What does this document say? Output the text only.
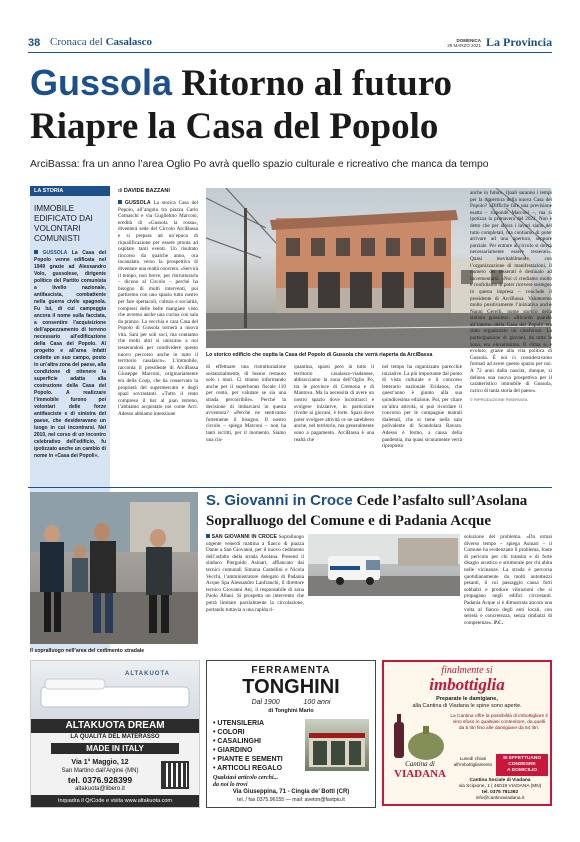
38 Cronaca del Casalasco	DOMENICA
28 MARZO 2021 La Provincia
Gussola Ritorno al futuro
Riapre la Casa del Popolo
ArciBassa: fra un anno l’area Oglio Po avrà quello spazio culturale e ricreativo che manca da tempo
LA STORIA
IMMOBILE EDIFICATO DAI VOLONTARI COMUNISTI
GUSSOLA La Casa del Popolo venne edificata nel 1949 grazie ad Alessandro Volo, gussolese, dirigente politico del Partito comunista a livello nazionale, antifascista, combattente nella guerra civile spagnola. Fu lui, di cui campeggia ancora il nome sulla facciata, a consentire l’acquisizione dell’appezzamento di terreno necessario all’edificazione della Casa del Popolo. Al progetto e all’area infatti cedette un suo campo, posto in un’altra zona del paese, alla condizione di ottenere la superficie adatta alla costruzione della Casa del Popolo. A realizzare l’immobile furono poi volontari delle forze antifasciste e di sinistra del paese, che desideravano un luogo in cui incontrarsi. Nel 2010, nel corso di un incontro celebrativo dell’edificio, fu ipotizzato anche un cambio di nome in «Casa dei Popoli».
di DAVIDE BAZZANI
GUSSOLA La storica Casa del Popolo, all’angolo tra piazza Carlo Comaschi e via Guglielmo Marconi, eredità di «Gussola la rossa», diventerà sede del Circolo ArciBassa e si prepara ad un’epoca di riqualificazione per essere pronta ad ospitare tanti eventi. Un risultato rincorso da qualche anno, ora incanalato verso la prospettiva di diventare una realtà concreta. «Servirà il tempo, non breve, per ristrutturarla – dicono al Circolo – perché ha bisogno di molti interventi, poi partiremo con uno spazio tutto nostro per fare spettacoli, cultura e socialità, compresi delle belle mangiate visto che avremo anche una cucina con sala da pranzo. La vecchia e cara Casa del Popolo di Gussola tornerà a nuova vita. Sarà per soli soci, ma contiamo che molti altri si uniscano a noi tesserandosi per condividere questo nuovo percorso anche in tutto il territorio casalasco». L’immobile, racconta il presidente di ArciBassa Giuseppe Marconi, originariamente era della Coop, che ha conservato la proprietà del supermercato e degli spazi sovrastanti. «Tutto il resto compreso il bar al pian terreno, l’abbiamo acquistato noi come Arci. Adesso abbiamo intenzione
Lo storico edificio che ospita la Casa del Popolo di Gussola che verrà riaperta da ArciBassa
di effettuare una ristrutturazione sostanzialmente, di buono restauro solo i muri. Ci stiamo informando anche per il superbonus fiscale 110 per cento, per valutare se sia una strada percorribile». Perché la decisione di imbarcarsi in questa avventura? «Perché ne sentivamo fortemente il bisogno. Il nostro circolo – spiega Marconi – non ha tanti iscritti, per il momento. Siamo una cin-
quantina, sparsi però in tutto il territorio casalasco-viadanese, abbracciamo la zona dell’Oglio Po, tra le province di Cremona e di Mantova. Ma la necessità di avere un nostro spazio dove incontrarci e svolgere iniziative, in particolare rivolte ai giovani, è forte. Spazi dove poter svolgere attività ce ne sarebbero anche, nel territorio, ma generalmente sono a pagamento. ArciBassa è una realtà che
nel tempo ha organizzato parecchie iniziative. La più importante dal punto di vista culturale e il concorso letterario nazionale Eridanos, che quest’anno è giunto alla sua quindicesima edizione. Poi, per citare un’altra attività, si può ricordare il concorso per le compagnie teatrali dialettali, che si tiene nella sala polivalente di Scandolara Ravara. Adesso è fermo, a causa della pandemia, ma quasi sicuramente verrà riproposto
anche in futuro. Quali saranno i tempi per la riapertura della nuova Casa del Popolo? «Difficile fare una previsione esatta – risponde Marconi –, ma si ipotizza la primavera del 2022. Non è detto che per allora i lavori siano del tutto completati, ma contiamo di poter arrivare ad una apertura, seppure parziale. Per entrare al circolo si dovrà necessariamente essere tesserati». Quasi inevitabilmente, con l’organizzazione di manifestazioni, il numero dei tesserati è destinato ad incrementarsi. «Noi ci crediamo molto e confidiamo di poter ricevere sostegno in questa impresa – conclude il presidente di ArciBassa. Valuteremo molto positivamente l’iniziativa anche Nanni Gerelli, nome storico della sinistra gussolese: «Ricordo quando all’interno della Casa del Popolo era stato organizzato un cineforum. La partecipazione di giovani, da tutta la zona, era elevatissima. Il clima si è evoluto, grazie alla vita politica di Gussola. È noi ci consideravamo formati ad avere questo spazio per noi. A 72 anni dalla nascita, dunque, si delinea una nuova prospettiva per il caratteristico immobile di Gussola, carico di tanta storia del paese».
© RIPRODUZIONE RISERVATA
Il sopralluogo nell’area del cedimento stradale
S. Giovanni in Croce Cede l’asfalto sull’Asolana
Sopralluogo del Comune e di Padania Acque
SAN GIOVANNI IN CROCE Sopralluogo urgente venerdì mattina a fianco di piazza Dante a San Giovanni, per il nuovo cedimento dell’asfalto della strada Asolana. Presenti il sindaco Pierguido Asinari, affiancato dai tecnici comunali Simona Castellini e Nicola Vecchi, l’amministratore delegato di Padania Acque Spa Alessandro Lanfranchi, il direttore tecnico Giovanni Ani, il responsabile di zona Paolo Allani. Si prospetta un intervento che potrà limitare parzialmente la circolazione, portando tuttavia a una rapida ri-
soluzione del problema. «Da ormai diverso tempo – spiega Asinari – il Comune ha evidenziato il problema, fonte di pericolo per chi transita e di forte disagio acustico e strutturale per chi abita nelle vicinanze. La strada è percorsa quotidianamente da molti automezzi pesanti, il cui passaggio causa forti sobbalzi e produce vibrazioni che si propagano negli edifici circostanti. Padania Acque si è dimostrata ancora una volta al fianco degli enti locali, con serietà e concretezza, senza rimbalzi di competenze». P.C.
ALTAKUOTA
ALTAKUOTA DREAM
LA QUALITÀ DEL MATERASSO
MADE IN ITALY
Via 1° Maggio, 12
San Martino dall’Argine (MN)
tel. 0376.928399
altakuota@libero.it
Inquadra il QrCode e visita www.altakuota.com
FERRAMENTA
TONGHINI
Dal 1900	100 anni
di Tonghini Mario
• UTENSILERIA
• COLORI
• CASALINGHI
• GIARDINO
• PIANTE E SEMENTI
• ARTICOLI REGALO
Qualsiasi articolo cerchi...
da noi lo trovi
Via Giuseppina, 71 - Cingia de’ Botti (CR)
tel. / fax 0375.96155 — mail: aveton@fastpiu.it
finalmente si
imbottiglia
Preparate le damigiane,
alla Cantina di Viadana le spine sono aperte.
La Cantina offre la possibilità di imbottigliare il vino sfuso in qualsiasi contenitore, da quelli da 5 litri fino alle damigiane da 54 litri.
Cantina di
VIADANA
Lunedì chiusi all’imbottigliamento
SI EFFETTUANO
CONSEGNE
A DOMICILIO
Cantina Sociale di Viadana
via Scipione, 1 | 46019 VIADANA (MN)
tel. 0375 781392
info@cantinaviadana.it
